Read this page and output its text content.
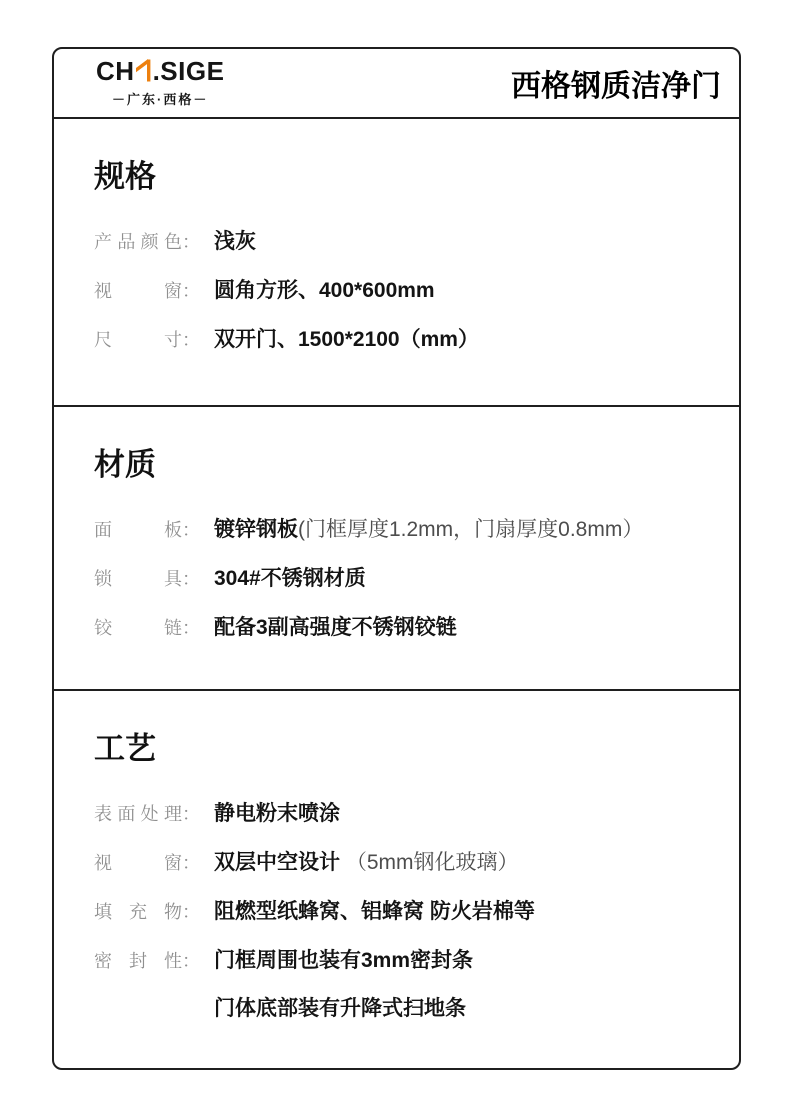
CH .SIGE
－广东·西格－	西格钢质洁净门
规格
产品颜色 ： 浅灰
视窗 ： 圆角方形、400*600mm
尺寸 ： 双开门、1500*2100（mm）
材质
面板 ： 镀锌钢板(门框厚度1.2mm，门扇厚度0.8mm）
锁具 ： 304#不锈钢材质
铰链 ： 配备3副高强度不锈钢铰链
工艺
表面处理 ： 静电粉末喷涂
视窗 ： 双层中空设计 （5mm钢化玻璃）
填充物 ： 阻燃型纸蜂窝、铝蜂窝 防火岩棉等
密封性 ： 门框周围也装有3mm密封条
门体底部装有升降式扫地条
